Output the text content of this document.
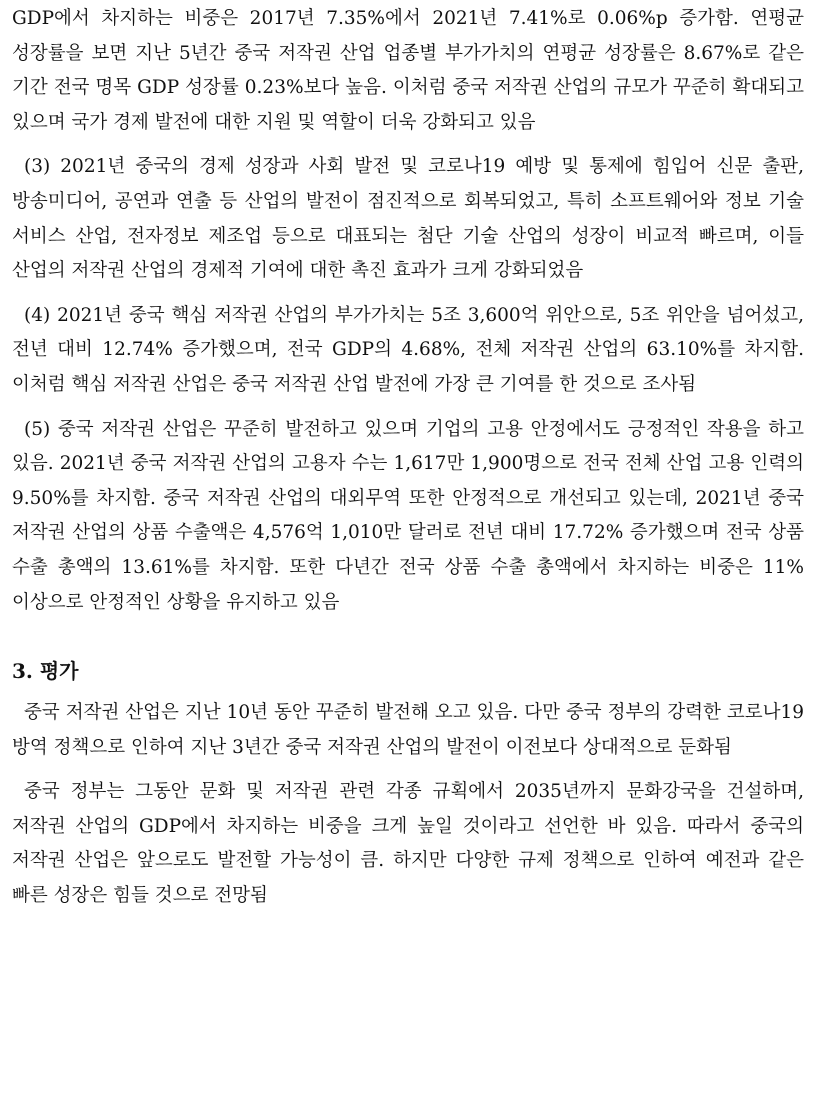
GDP에서 차지하는 비중은 2017년 7.35%에서 2021년 7.41%로 0.06%p 증가함. 연평균 성장률을 보면 지난 5년간 중국 저작권 산업 업종별 부가가치의 연평균 성장률은 8.67%로 같은 기간 전국 명목 GDP 성장률 0.23%보다 높음. 이처럼 중국 저작권 산업의 규모가 꾸준히 확대되고 있으며 국가 경제 발전에 대한 지원 및 역할이 더욱 강화되고 있음

(3) 2021년 중국의 경제 성장과 사회 발전 및 코로나19 예방 및 통제에 힘입어 신문 출판, 방송미디어, 공연과 연출 등 산업의 발전이 점진적으로 회복되었고, 특히 소프트웨어와 정보 기술 서비스 산업, 전자정보 제조업 등으로 대표되는 첨단 기술 산업의 성장이 비교적 빠르며, 이들 산업의 저작권 산업의 경제적 기여에 대한 촉진 효과가 크게 강화되었음

(4) 2021년 중국 핵심 저작권 산업의 부가가치는 5조 3,600억 위안으로, 5조 위안을 넘어섰고, 전년 대비 12.74% 증가했으며, 전국 GDP의 4.68%, 전체 저작권 산업의 63.10%를 차지함. 이처럼 핵심 저작권 산업은 중국 저작권 산업 발전에 가장 큰 기여를 한 것으로 조사됨

(5) 중국 저작권 산업은 꾸준히 발전하고 있으며 기업의 고용 안정에서도 긍정적인 작용을 하고 있음. 2021년 중국 저작권 산업의 고용자 수는 1,617만 1,900명으로 전국 전체 산업 고용 인력의 9.50%를 차지함. 중국 저작권 산업의 대외무역 또한 안정적으로 개선되고 있는데, 2021년 중국 저작권 산업의 상품 수출액은 4,576억 1,010만 달러로 전년 대비 17.72% 증가했으며 전국 상품 수출 총액의 13.61%를 차지함. 또한 다년간 전국 상품 수출 총액에서 차지하는 비중은 11% 이상으로 안정적인 상황을 유지하고 있음

3. 평가

중국 저작권 산업은 지난 10년 동안 꾸준히 발전해 오고 있음. 다만 중국 정부의 강력한 코로나19 방역 정책으로 인하여 지난 3년간 중국 저작권 산업의 발전이 이전보다 상대적으로 둔화됨

중국 정부는 그동안 문화 및 저작권 관련 각종 규획에서 2035년까지 문화강국을 건설하며, 저작권 산업의 GDP에서 차지하는 비중을 크게 높일 것이라고 선언한 바 있음. 따라서 중국의 저작권 산업은 앞으로도 발전할 가능성이 큼. 하지만 다양한 규제 정책으로 인하여 예전과 같은 빠른 성장은 힘들 것으로 전망됨
